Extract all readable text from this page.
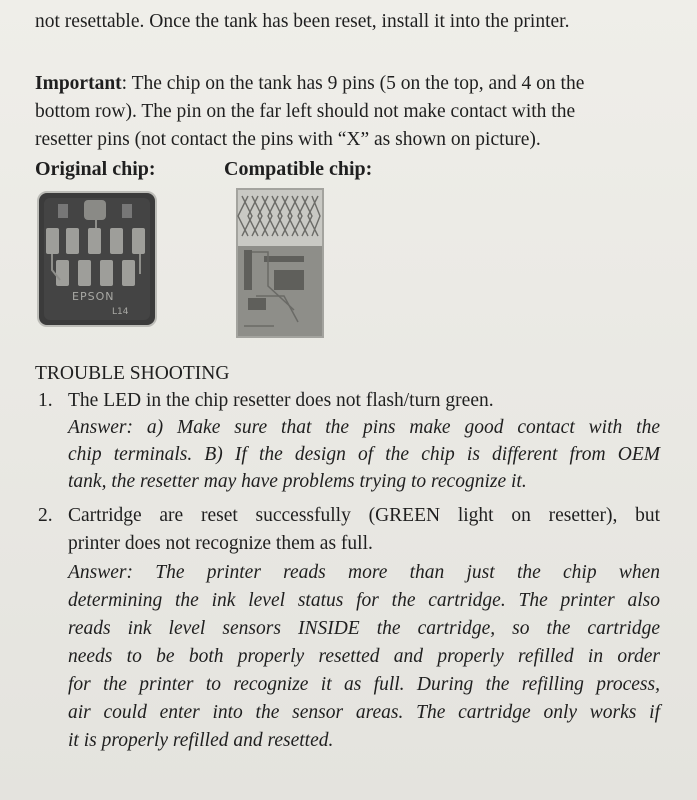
not resettable. Once the tank has been reset, install it into the printer.
Important: The chip on the tank has 9 pins (5 on the top, and 4 on the
bottom row). The pin on the far left should not make contact with the
resetter pins (not contact the pins with “X” as shown on picture).
Original chip:	Compatible chip:
EPSON
L14
TROUBLE SHOOTING
1. The LED in the chip resetter does not flash/turn green.
Answer: a) Make sure that the pins make good contact with the
chip terminals. B) If the design of the chip is different from OEM
tank, the resetter may have problems trying to recognize it.
2. Cartridge are reset successfully (GREEN light on resetter), but
printer does not recognize them as full.
Answer: The printer reads more than just the chip when
determining the ink level status for the cartridge. The printer also
reads ink level sensors INSIDE the cartridge, so the cartridge
needs to be both properly resetted and properly refilled in order
for the printer to recognize it as full. During the refilling process,
air could enter into the sensor areas. The cartridge only works if
it is properly refilled and resetted.
